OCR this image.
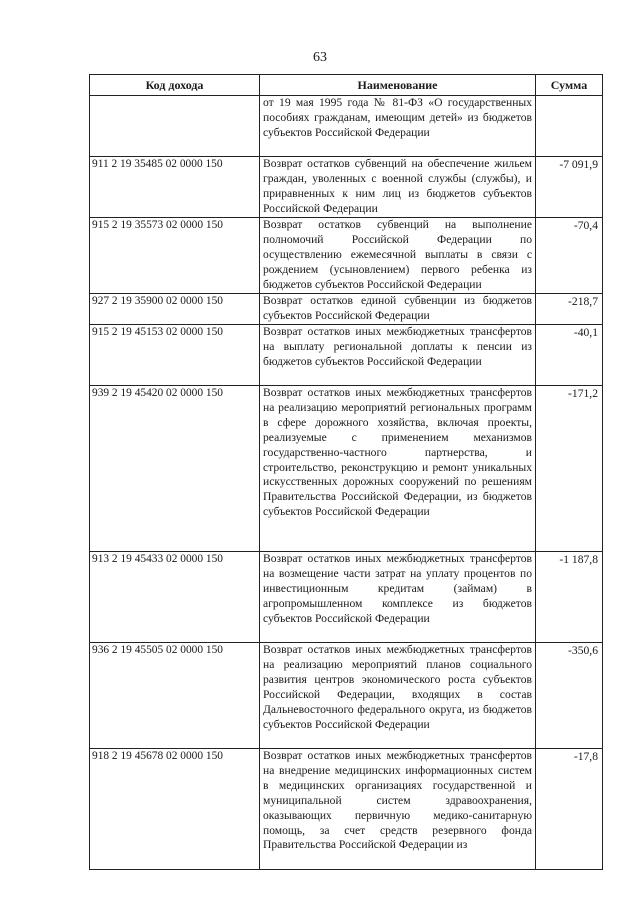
63
Код дохода	Наименование	Сумма
	от 19 мая 1995 года № 81-ФЗ «О государственных пособиях гражданам, имеющим детей» из бюджетов субъектов Российской Федерации	
911 2 19 35485 02 0000 150	Возврат остатков субвенций на обеспечение жильем граждан, уволенных с военной службы (службы), и приравненных к ним лиц из бюджетов субъектов Российской Федерации	-7 091,9
915 2 19 35573 02 0000 150	Возврат остатков субвенций на выполнение полномочий Российской Федерации по осуществлению ежемесячной выплаты в связи с рождением (усыновлением) первого ребенка из бюджетов субъектов Российской Федерации	-70,4
927 2 19 35900 02 0000 150	Возврат остатков единой субвенции из бюджетов субъектов Российской Федерации	-218,7
915 2 19 45153 02 0000 150	Возврат остатков иных межбюджетных трансфертов на выплату региональной доплаты к пенсии из бюджетов субъектов Российской Федерации	-40,1
939 2 19 45420 02 0000 150	Возврат остатков иных межбюджетных трансфертов на реализацию мероприятий региональных программ в сфере дорожного хозяйства, включая проекты, реализуемые с применением механизмов государственно-частного партнерства, и строительство, реконструкцию и ремонт уникальных искусственных дорожных сооружений по решениям Правительства Российской Федерации, из бюджетов субъектов Российской Федерации	-171,2
913 2 19 45433 02 0000 150	Возврат остатков иных межбюджетных трансфертов на возмещение части затрат на уплату процентов по инвестиционным кредитам (займам) в агропромышленном комплексе из бюджетов субъектов Российской Федерации	-1 187,8
936 2 19 45505 02 0000 150	Возврат остатков иных межбюджетных трансфертов на реализацию мероприятий планов социального развития центров экономического роста субъектов Российской Федерации, входящих в состав Дальневосточного федерального округа, из бюджетов субъектов Российской Федерации	-350,6
918 2 19 45678 02 0000 150	Возврат остатков иных межбюджетных трансфертов на внедрение медицинских информационных систем в медицинских организациях государственной и муниципальной систем здравоохранения, оказывающих первичную медико-санитарную помощь, за счет средств резервного фонда Правительства Российской Федерации из	-17,8
